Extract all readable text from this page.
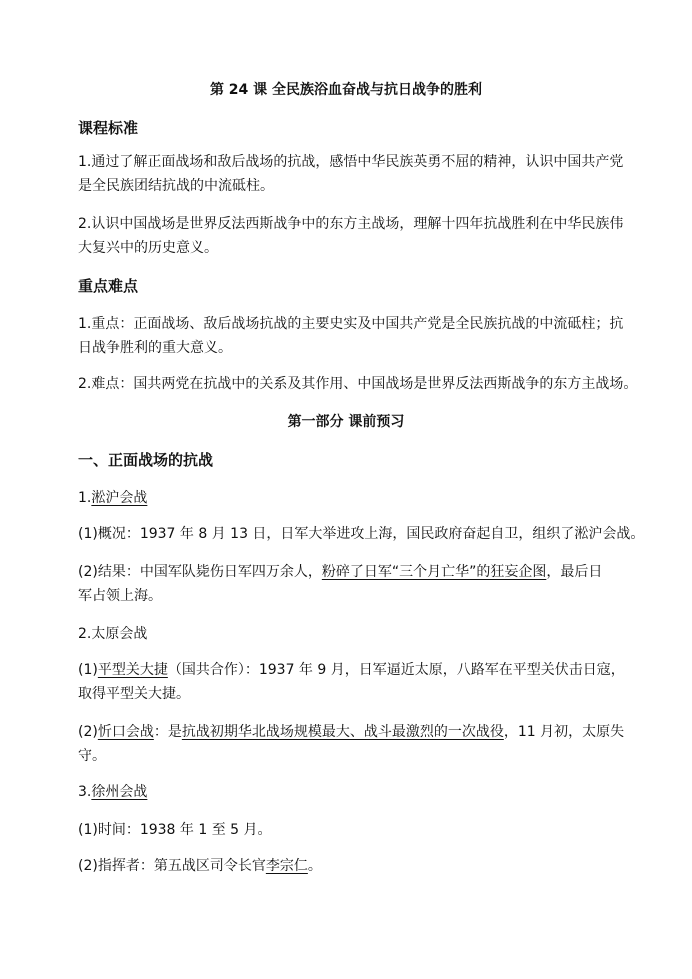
第 24 课 全民族浴血奋战与抗日战争的胜利
课程标准
1.通过了解正面战场和敌后战场的抗战，感悟中华民族英勇不屈的精神，认识中国共产党
是全民族团结抗战的中流砥柱。
2.认识中国战场是世界反法西斯战争中的东方主战场，理解十四年抗战胜利在中华民族伟
大复兴中的历史意义。
重点难点
1.重点：正面战场、敌后战场抗战的主要史实及中国共产党是全民族抗战的中流砥柱；抗
日战争胜利的重大意义。
2.难点：国共两党在抗战中的关系及其作用、中国战场是世界反法西斯战争的东方主战场。
第一部分 课前预习
一、正面战场的抗战
1.淞沪会战
(1)概况：1937 年 8 月 13 日，日军大举进攻上海，国民政府奋起自卫，组织了淞沪会战。
(2)结果：中国军队毙伤日军四万余人，粉碎了日军“三个月亡华”的狂妄企图，最后日
军占领上海。
2.太原会战
(1)平型关大捷（国共合作）：1937 年 9 月，日军逼近太原，八路军在平型关伏击日寇，
取得平型关大捷。
(2)忻口会战：是抗战初期华北战场规模最大、战斗最激烈的一次战役，11 月初，太原失
守。
3.徐州会战
(1)时间：1938 年 1 至 5 月。
(2)指挥者：第五战区司令长官李宗仁。
